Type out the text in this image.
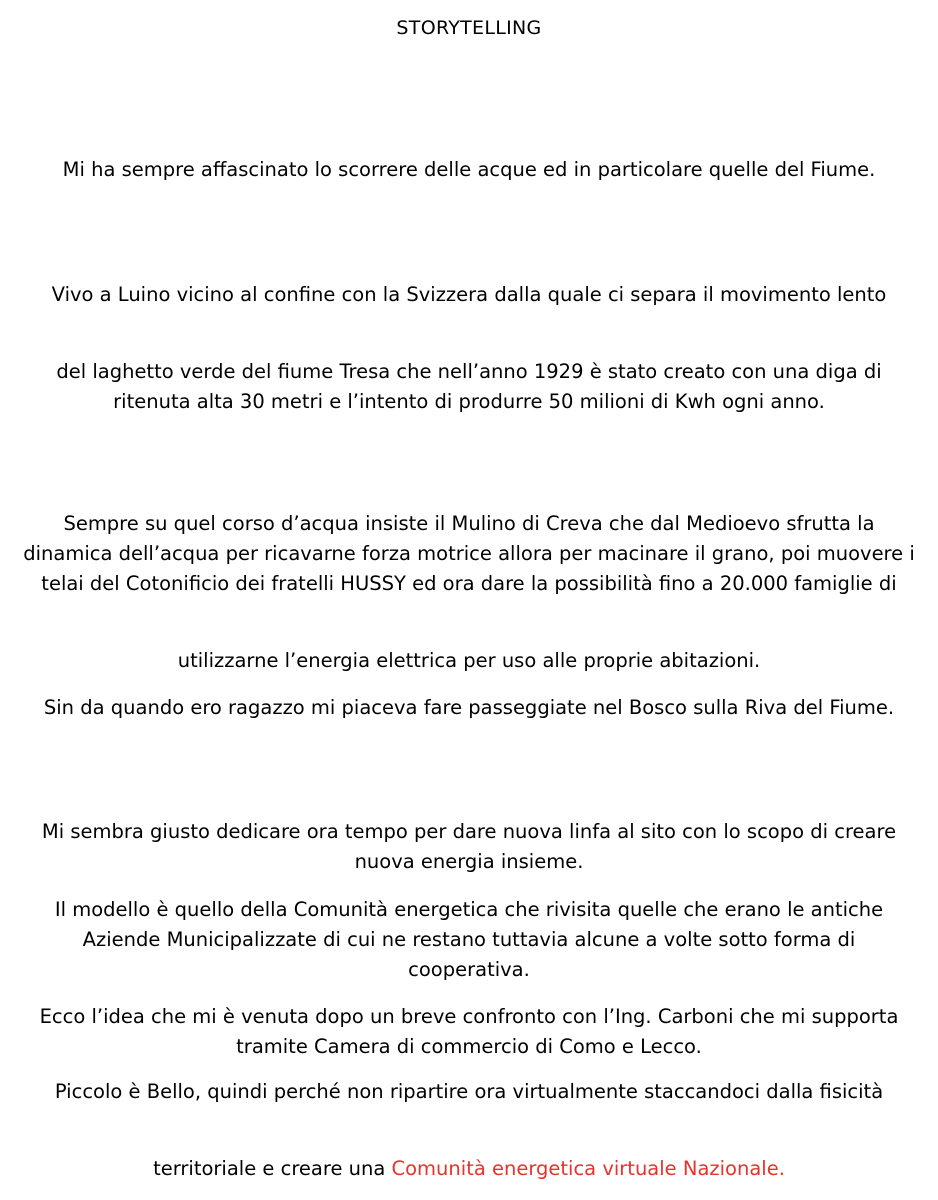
STORYTELLING
Mi ha sempre affascinato lo scorrere delle acque ed in particolare quelle del Fiume.
Vivo a Luino vicino al confine con la Svizzera dalla quale ci separa il movimento lento
del laghetto verde del fiume Tresa che nell’anno 1929 è stato creato con una diga di ritenuta alta 30 metri e l’intento di produrre 50 milioni di Kwh ogni anno.
Sempre su quel corso d’acqua insiste il Mulino di Creva che dal Medioevo sfrutta la dinamica dell’acqua per ricavarne forza motrice allora per macinare il grano, poi muovere i telai del Cotonificio dei fratelli HUSSY ed ora dare la possibilità fino a 20.000 famiglie di
utilizzarne l’energia elettrica per uso alle proprie abitazioni.
Sin da quando ero ragazzo mi piaceva fare passeggiate nel Bosco sulla Riva del Fiume.
Mi sembra giusto dedicare ora tempo per dare nuova linfa al sito con lo scopo di creare nuova energia insieme.
Il modello è quello della Comunità energetica che rivisita quelle che erano le antiche Aziende Municipalizzate di cui ne restano tuttavia alcune a volte sotto forma di cooperativa.
Ecco l’idea che mi è venuta dopo un breve confronto con l’Ing. Carboni che mi supporta tramite Camera di commercio di Como e Lecco.
Piccolo è Bello, quindi perché non ripartire ora virtualmente staccandoci dalla fisicità
territoriale e creare una Comunità energetica virtuale Nazionale.
